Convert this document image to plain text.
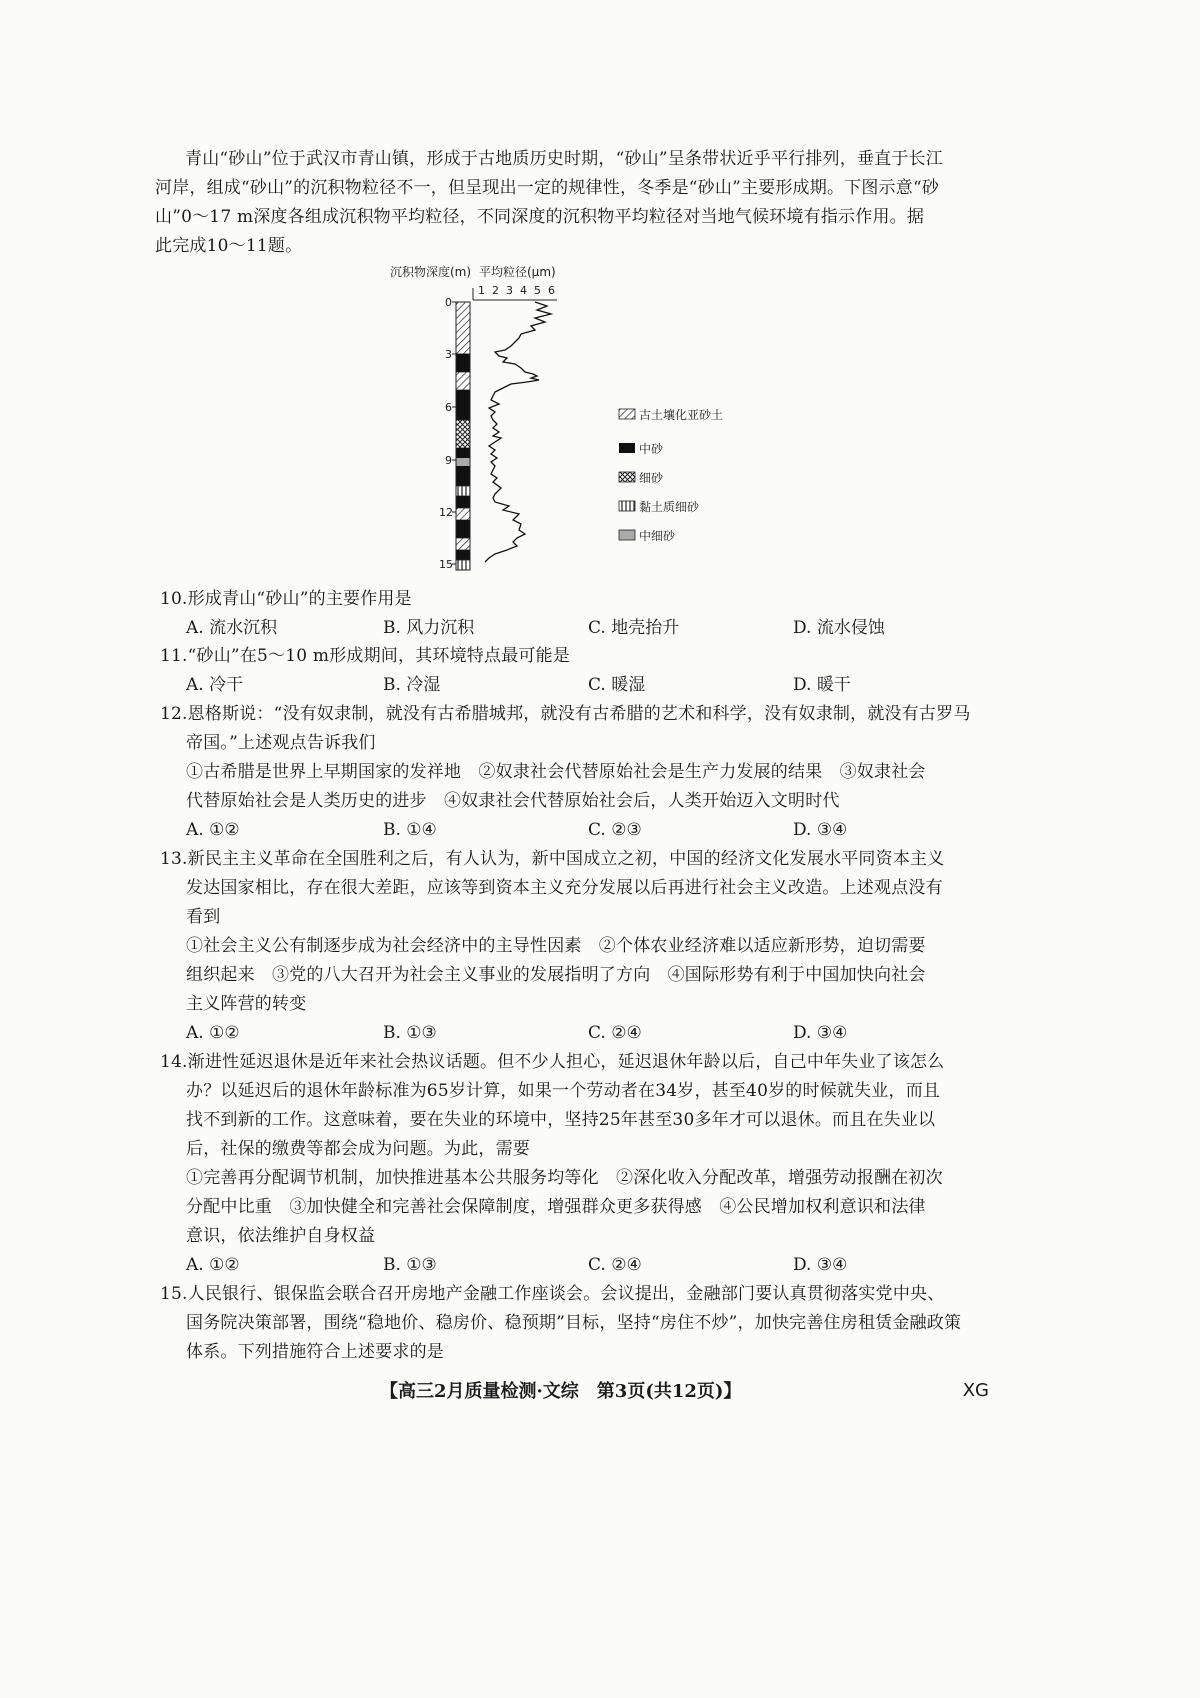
青山“砂山”位于武汉市青山镇，形成于古地质历史时期，“砂山”呈条带状近乎平行排列，垂直于长江
河岸，组成“砂山”的沉积物粒径不一，但呈现出一定的规律性，冬季是“砂山”主要形成期。下图示意“砂
山”0～17 m深度各组成沉积物平均粒径，不同深度的沉积物平均粒径对当地气候环境有指示作用。据
此完成10～11题。
沉积物深度(m) 平均粒径(μm)
1 2 3 4 5 6
0
3
6
9
12
15
古土壤化亚砂土
中砂
细砂
黏土质细砂
中细砂
10.形成青山“砂山”的主要作用是
A. 流水沉积	B. 风力沉积	C. 地壳抬升	D. 流水侵蚀
11.“砂山”在5～10 m形成期间，其环境特点最可能是
A. 冷干	B. 冷湿	C. 暖湿	D. 暖干
12.恩格斯说：“没有奴隶制，就没有古希腊城邦，就没有古希腊的艺术和科学，没有奴隶制，就没有古罗马
帝国。”上述观点告诉我们
①古希腊是世界上早期国家的发祥地　②奴隶社会代替原始社会是生产力发展的结果　③奴隶社会
代替原始社会是人类历史的进步　④奴隶社会代替原始社会后，人类开始迈入文明时代
A. ①②	B. ①④	C. ②③	D. ③④
13.新民主主义革命在全国胜利之后，有人认为，新中国成立之初，中国的经济文化发展水平同资本主义
发达国家相比，存在很大差距，应该等到资本主义充分发展以后再进行社会主义改造。上述观点没有
看到
①社会主义公有制逐步成为社会经济中的主导性因素　②个体农业经济难以适应新形势，迫切需要
组织起来　③党的八大召开为社会主义事业的发展指明了方向　④国际形势有利于中国加快向社会
主义阵营的转变
A. ①②	B. ①③	C. ②④	D. ③④
14.渐进性延迟退休是近年来社会热议话题。但不少人担心，延迟退休年龄以后，自己中年失业了该怎么
办？以延迟后的退休年龄标准为65岁计算，如果一个劳动者在34岁，甚至40岁的时候就失业，而且
找不到新的工作。这意味着，要在失业的环境中，坚持25年甚至30多年才可以退休。而且在失业以
后，社保的缴费等都会成为问题。为此，需要
①完善再分配调节机制，加快推进基本公共服务均等化　②深化收入分配改革，增强劳动报酬在初次
分配中比重　③加快健全和完善社会保障制度，增强群众更多获得感　④公民增加权利意识和法律
意识，依法维护自身权益
A. ①②	B. ①③	C. ②④	D. ③④
15.人民银行、银保监会联合召开房地产金融工作座谈会。会议提出，金融部门要认真贯彻落实党中央、
国务院决策部署，围绕“稳地价、稳房价、稳预期”目标，坚持“房住不炒”，加快完善住房租赁金融政策
体系。下列措施符合上述要求的是
【高三2月质量检测·文综　第3页(共12页)】	XG
